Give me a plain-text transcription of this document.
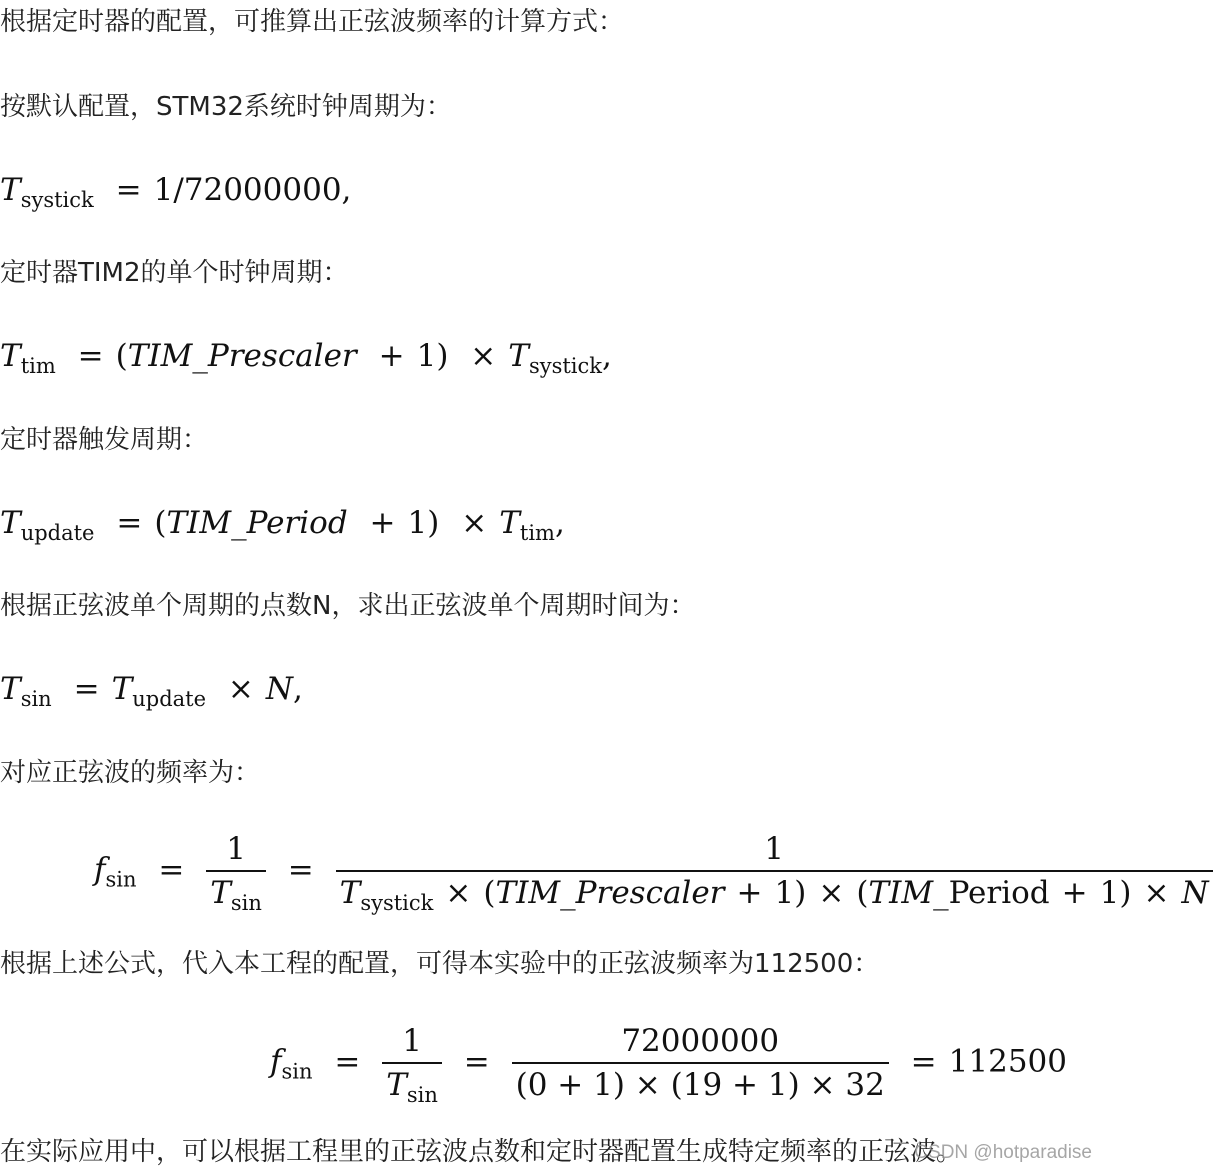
根据定时器的配置，可推算出正弦波频率的计算方式：
按默认配置，STM32系统时钟周期为：
$T_{systick} = 1/72000000$,
定时器TIM2的单个时钟周期：
$T_{tim}$ = (TIM_Prescaler + $1) \times T_{systick}$,
定时器触发周期：
$T_{update}$ = (TIM_Period + $1) \times T_{tim}$,
根据正弦波单个周期的点数N，求出正弦波单个周期时间为：
$T_{sin} = T_{update} \times N$,
对应正弦波的频率为：
$f_{sin} = \frac{1}{T_{sin}} = \frac{1}{T_{systick} \times (TIM\_Prescaler + 1) \times (TIM\_Period + 1) \times N}$
根据上述公式，代入本工程的配置，可得本实验中的正弦波频率为112500：
$f_{sin} = \frac{1}{T_{sin}} = \frac{72000000}{(0 + 1) \times (19 + 1) \times 32} = 112500$
在实际应用中，可以根据工程里的正弦波点数和定时器配置生成特定频率的正弦波。
CSDN @hotparadise
